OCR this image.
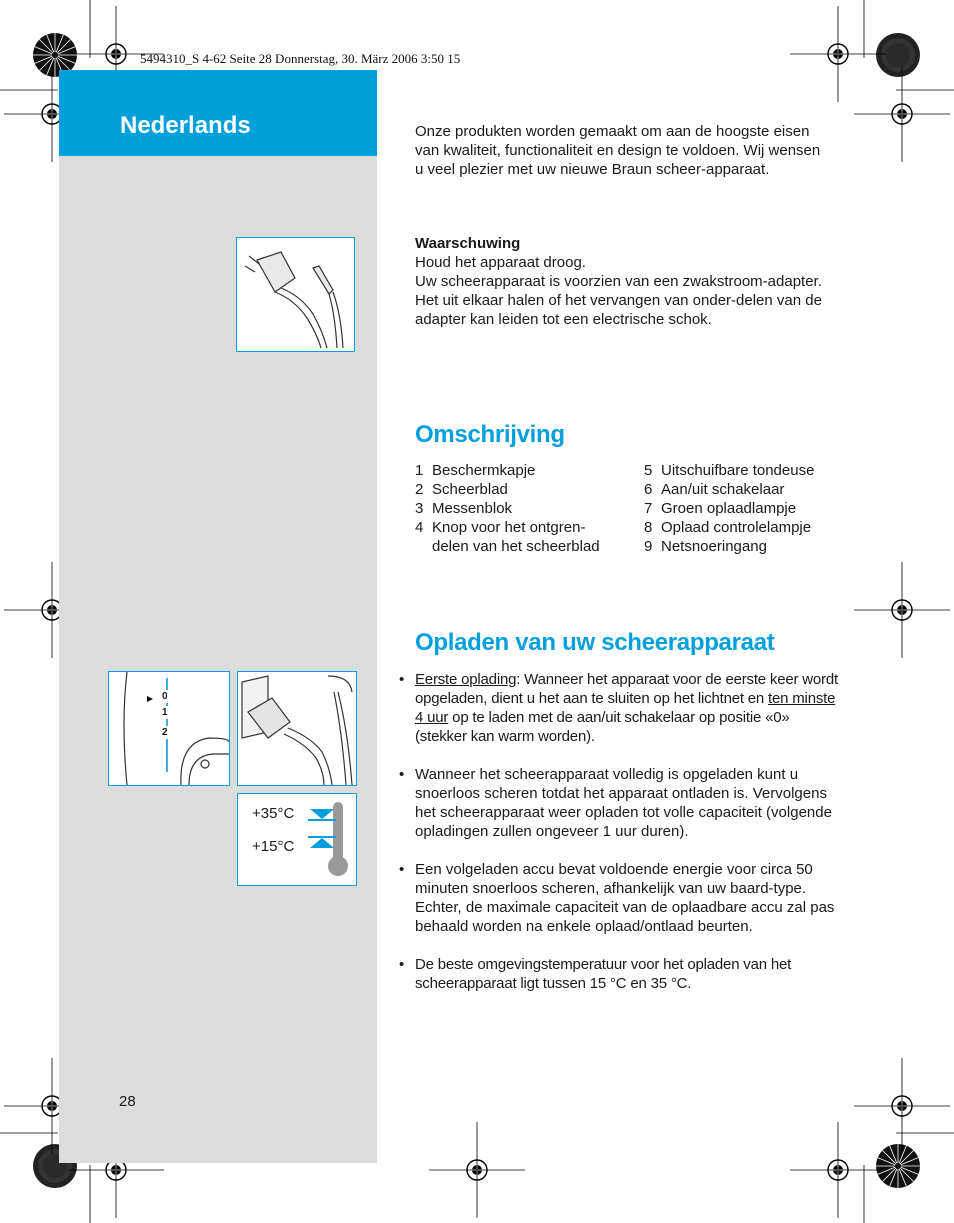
5494310_S 4-62 Seite 28 Donnerstag, 30. März 2006 3:50 15
Nederlands
0
1
2
+35°C
+15°C

Onze produkten worden gemaakt om aan de hoogste eisen van kwaliteit, functionaliteit en design te voldoen. Wij wensen u veel plezier met uw nieuwe Braun scheer-apparaat.

Waarschuwing
Houd het apparaat droog.
Uw scheerapparaat is voorzien van een zwakstroom-adapter. Het uit elkaar halen of het vervangen van onder-delen van de adapter kan leiden tot een electrische schok.
Omschrijving
1 Beschermkapje
2 Scheerblad
3 Messenblok
4 Knop voor het ontgren-delen van het scheerblad
5 Uitschuifbare tondeuse
6 Aan/uit schakelaar
7 Groen oplaadlampje
8 Oplaad controlelampje
9 Netsnoeringang
Opladen van uw scheerapparaat
• Eerste oplading: Wanneer het apparaat voor de eerste keer wordt opgeladen, dient u het aan te sluiten op het lichtnet en ten minste 4 uur op te laden met de aan/uit schakelaar op positie «0» (stekker kan warm worden).
• Wanneer het scheerapparaat volledig is opgeladen kunt u snoerloos scheren totdat het apparaat ontladen is. Vervolgens het scheerapparaat weer opladen tot volle capaciteit (volgende opladingen zullen ongeveer 1 uur duren).
• Een volgeladen accu bevat voldoende energie voor circa 50 minuten snoerloos scheren, afhankelijk van uw baard-type. Echter, de maximale capaciteit van de oplaadbare accu zal pas behaald worden na enkele oplaad/ontlaad beurten.
• De beste omgevingstemperatuur voor het opladen van het scheerapparaat ligt tussen 15 °C en 35 °C.
28
